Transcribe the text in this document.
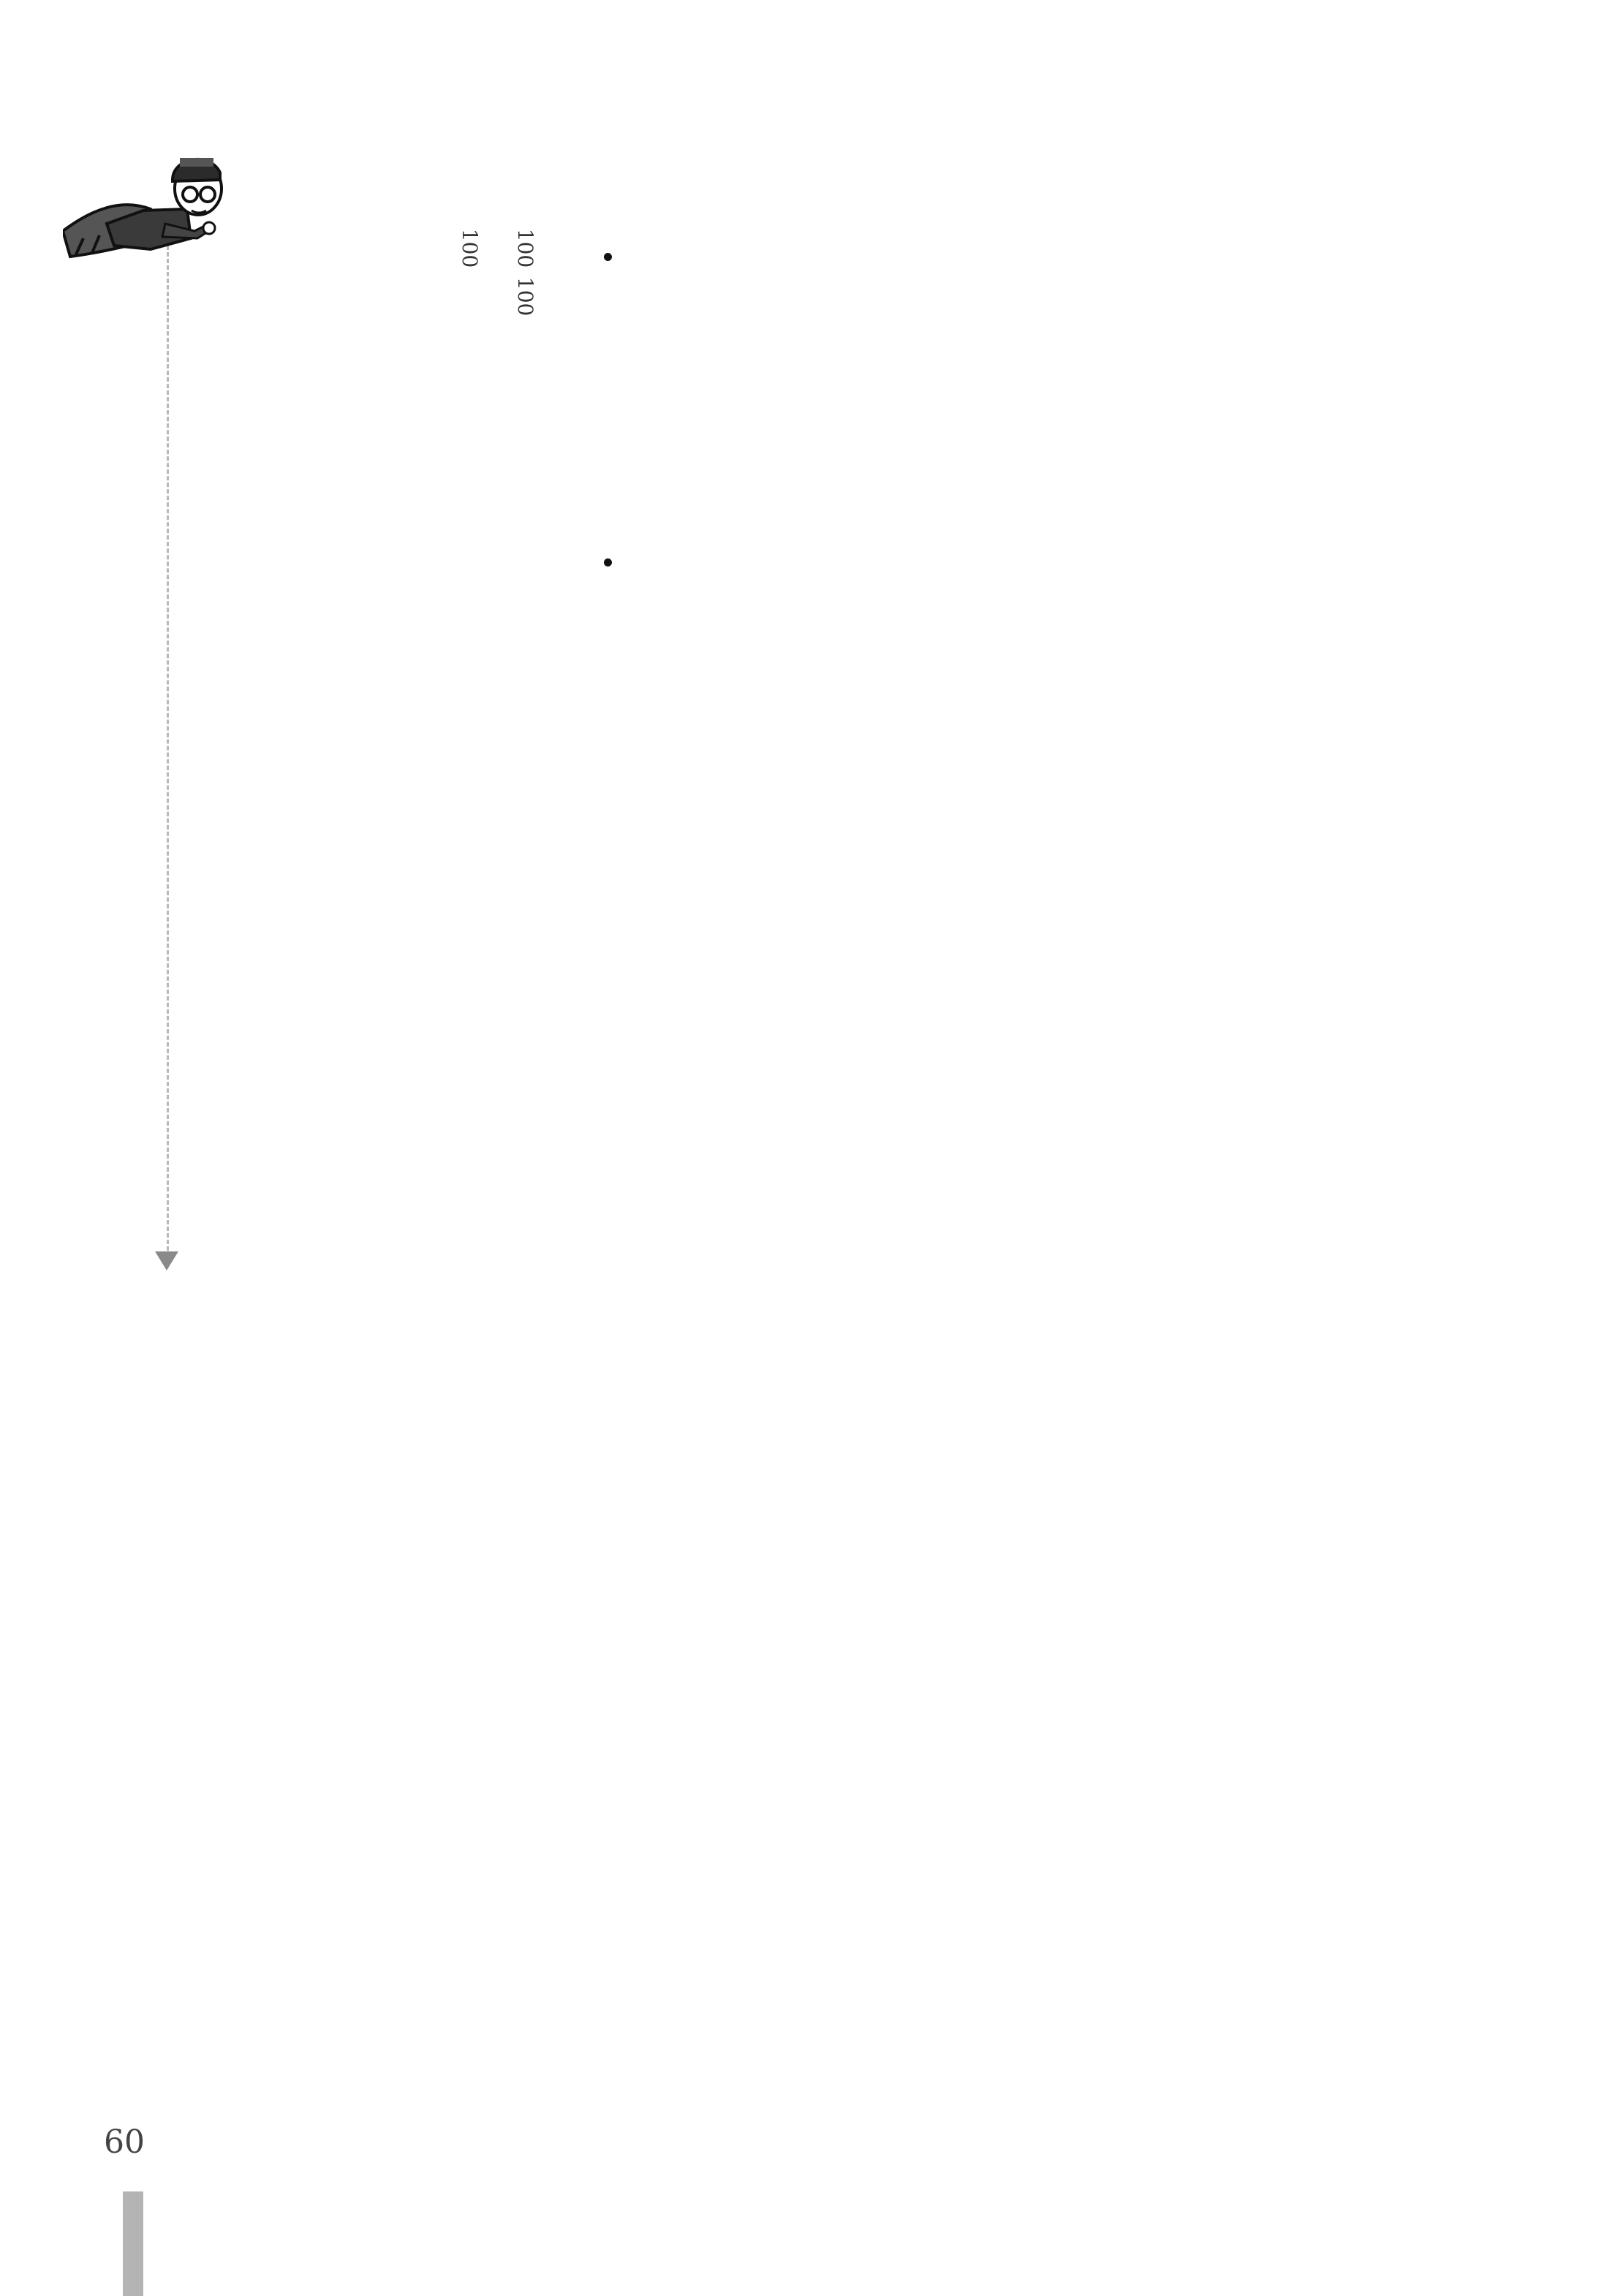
100 100 100

60
